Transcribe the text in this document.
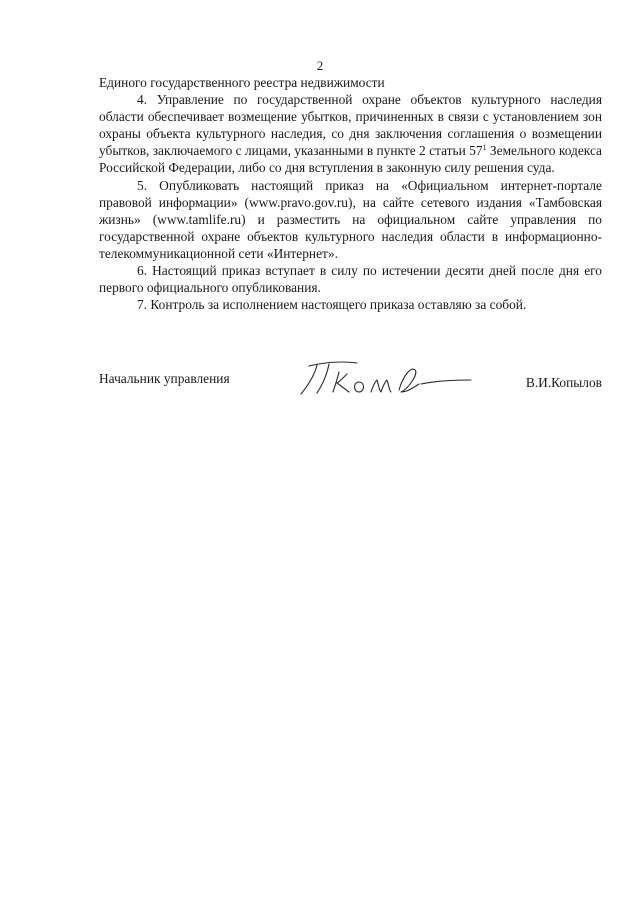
2

Единого государственного реестра недвижимости

4. Управление по государственной охране объектов культурного наследия области обеспечивает возмещение убытков, причиненных в связи с установлением зон охраны объекта культурного наследия, со дня заключения соглашения о возмещении убытков, заключаемого с лицами, указанными в пункте 2 статьи $57^1$ Земельного кодекса Российской Федерации, либо со дня вступления в законную силу решения суда.

5. Опубликовать настоящий приказ на «Официальном интернет-портале правовой информации» (www.pravo.gov.ru), на сайте сетевого издания «Тамбовская жизнь» (www.tamlife.ru) и разместить на официальном сайте управления по государственной охране объектов культурного наследия области в информационно-телекоммуникационной сети «Интернет».

6. Настоящий приказ вступает в силу по истечении десяти дней после дня его первого официального опубликования.

7. Контроль за исполнением настоящего приказа оставляю за собой.

Начальник управления	В.И.Копылов
